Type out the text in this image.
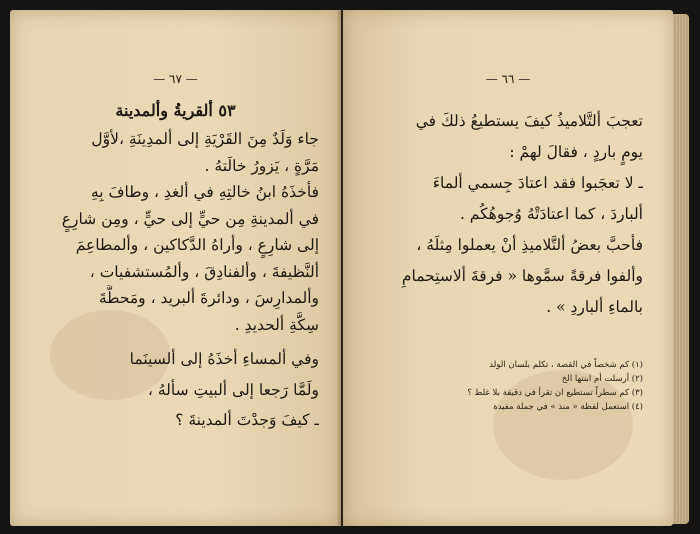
— ٦٧ —
٥٣ ألقريةُ وألمدينة
جاء وَلَدٌ مِنَ القَرْيَةِ إلى ألمدِينَةِ ،لأوَّل
مَرَّةٍ ، يَزورُ خالَتهُ .
فأخذَهُ ابنُ خالتِهِ في ألغدِ ، وطافَ بِهِ
في ألمدينةِ مِن حيٍّ إلى حيٍّ ، ومِن شارِعٍ
إلى شارِعٍ ، وأراهُ الدَّكاكين ، وألمطاعِمَ
ألنَّظيفةَ ، وألفنادِقَ ، وألمُستشفيات ،
وألمدارِسَ ، ودائرةَ ألبريد ، ومَحطَّةَ
سِكَّةِ ألحديدِ .
وفي ألمساءِ أخذَهُ إلى ألسينَما
ولَمَّا رَجعا إلى ألبيتِ سألهُ ،
ـ كيفَ وَجدْتَ ألمدينةَ ؟
— ٦٦ —
تعجبَ ألتَّلاميذُ كيفَ يستطيعُ ذلكَ في
يومٍ باردٍ ، فقالَ لهمْ :
ـ لا تعجَبوا فقد اعتادَ جِسمي ألماءَ
ألباردَ ، كما اعتادَتْهُ وُجوهُكُم .
فأحبَّ بعضُ ألتَّلاميذِ أنْ يعملوا مِثلَهُ ،
وألفوا فرقةً سمَّوها « فرقةَ ألاستِحمامِ
بالماءِ ألباردِ » .
(١) كم شخصاً في القصة ، تكلم بلسان الولد
(٢) أرسلت أم ابنتها الخ
(٣) كم سطراً تستطيع ان تقرأ في دقيقة بلا غلط ؟
(٤) استعمل لفظة « منذ » في جملة مفيدة
